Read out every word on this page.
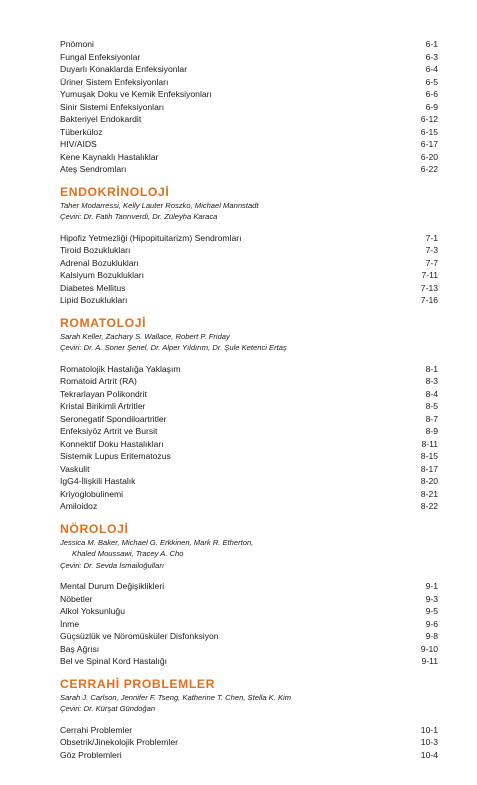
Pnömoni	6-1
Fungal Enfeksiyonlar	6-3
Duyarlı Konaklarda Enfeksiyonlar	6-4
Üriner Sistem Enfeksiyonları	6-5
Yumuşak Doku ve Kemik Enfeksiyonları	6-6
Sinir Sistemi Enfeksiyonları	6-9
Bakteriyel Endokardit	6-12
Tüberküloz	6-15
HIV/AIDS	6-17
Kene Kaynaklı Hastalıklar	6-20
Ateş Sendromları	6-22
ENDOKRİNOLOJİ
Taher Modarressi, Kelly Lauter Roszko, Michael Mannstadt
Çeviri: Dr. Fatih Tanrıverdi, Dr. Züleyha Karaca
Hipofiz Yetmezliği (Hipopituitarizm) Sendromları	7-1
Tiroid Bozuklukları	7-3
Adrenal Bozuklukları	7-7
Kalsiyum Bozuklukları	7-11
Diabetes Mellitus	7-13
Lipid Bozuklukları	7-16
ROMATOLOJİ
Sarah Keller, Zachary S. Wallace, Robert P. Friday
Çeviri: Dr. A. Soner Şenel, Dr. Alper Yıldırım, Dr. Şule Ketenci Ertaş
Romatolojik Hastalığa Yaklaşım	8-1
Romatoid Artrit (RA)	8-3
Tekrarlayan Polikondrit	8-4
Kristal Birikimli Artritler	8-5
Seronegatif Spondiloartritler	8-7
Enfeksiyöz Artrit ve Bursit	8-9
Konnektif Doku Hastalıkları	8-11
Sistemik Lupus Eritematozus	8-15
Vaskulit	8-17
IgG4-İlişkili Hastalık	8-20
Kriyoglobulinemi	8-21
Amiloidoz	8-22
NÖROLOJİ
Jessica M. Baker, Michael G. Erkkinen, Mark R. Etherton,
Khaled Moussawi, Tracey A. Cho
Çeviri: Dr. Sevda İsmailoğulları
Mental Durum Değişiklikleri	9-1
Nöbetler	9-3
Alkol Yoksunluğu	9-5
İnme	9-6
Güçsüzlük ve Nöromüsküler Disfonksiyon	9-8
Baş Ağrısı	9-10
Bel ve Spinal Kord Hastalığı	9-11
CERRAHİ PROBLEMLER
Sarah J. Carlson, Jennifer F. Tseng, Katherine T. Chen, Stella K. Kim
Çeviri: Dr. Kürşat Gündoğan
Cerrahi Problemler	10-1
Obsetrik/Jinekolojik Problemler	10-3
Göz Problemleri	10-4
